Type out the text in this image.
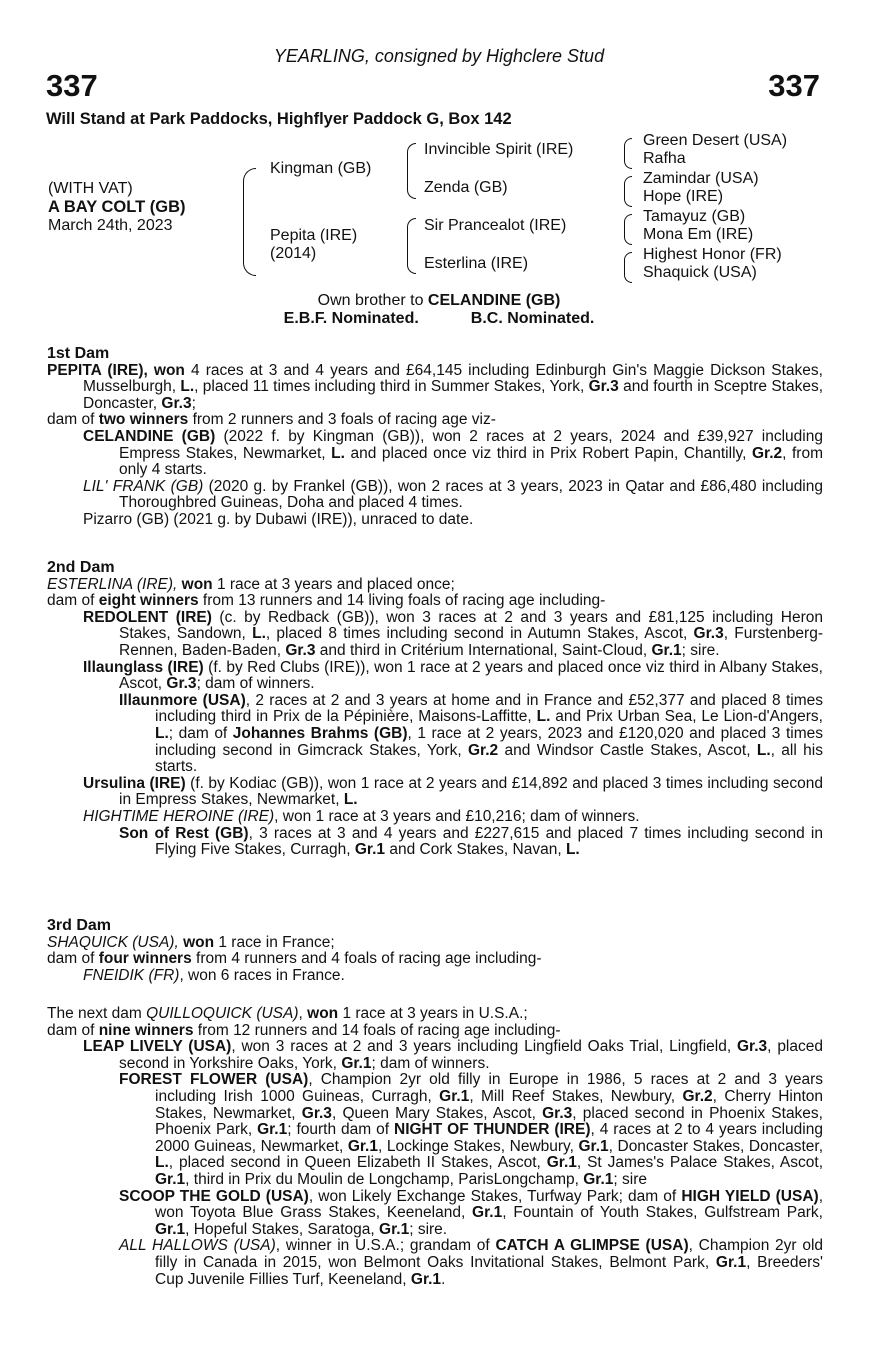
YEARLING, consigned by Highclere Stud
337	337
Will Stand at Park Paddocks, Highflyer Paddock G, Box 142
(WITH VAT)
A BAY COLT (GB)
March 24th, 2023
Kingman (GB)
Pepita (IRE)
(2014)
Invincible Spirit (IRE)
Zenda (GB)
Sir Prancealot (IRE)
Esterlina (IRE)
Green Desert (USA)
Rafha
Zamindar (USA)
Hope (IRE)
Tamayuz (GB)
Mona Em (IRE)
Highest Honor (FR)
Shaquick (USA)
Own brother to CELANDINE (GB)
E.B.F. Nominated.	B.C. Nominated.
1st Dam
PEPITA (IRE), won 4 races at 3 and 4 years and £64,145 including Edinburgh Gin's Maggie Dickson Stakes, Musselburgh, L., placed 11 times including third in Summer Stakes, York, Gr.3 and fourth in Sceptre Stakes, Doncaster, Gr.3;
dam of two winners from 2 runners and 3 foals of racing age viz-
CELANDINE (GB) (2022 f. by Kingman (GB)), won 2 races at 2 years, 2024 and £39,927 including Empress Stakes, Newmarket, L. and placed once viz third in Prix Robert Papin, Chantilly, Gr.2, from only 4 starts.
LIL' FRANK (GB) (2020 g. by Frankel (GB)), won 2 races at 3 years, 2023 in Qatar and £86,480 including Thoroughbred Guineas, Doha and placed 4 times.
Pizarro (GB) (2021 g. by Dubawi (IRE)), unraced to date.
2nd Dam
ESTERLINA (IRE), won 1 race at 3 years and placed once;
dam of eight winners from 13 runners and 14 living foals of racing age including-
REDOLENT (IRE) (c. by Redback (GB)), won 3 races at 2 and 3 years and £81,125 including Heron Stakes, Sandown, L., placed 8 times including second in Autumn Stakes, Ascot, Gr.3, Furstenberg-Rennen, Baden-Baden, Gr.3 and third in Critérium International, Saint-Cloud, Gr.1; sire.
Illaunglass (IRE) (f. by Red Clubs (IRE)), won 1 race at 2 years and placed once viz third in Albany Stakes, Ascot, Gr.3; dam of winners.
Illaunmore (USA), 2 races at 2 and 3 years at home and in France and £52,377 and placed 8 times including third in Prix de la Pépinière, Maisons-Laffitte, L. and Prix Urban Sea, Le Lion-d'Angers, L.; dam of Johannes Brahms (GB), 1 race at 2 years, 2023 and £120,020 and placed 3 times including second in Gimcrack Stakes, York, Gr.2 and Windsor Castle Stakes, Ascot, L., all his starts.
Ursulina (IRE) (f. by Kodiac (GB)), won 1 race at 2 years and £14,892 and placed 3 times including second in Empress Stakes, Newmarket, L.
HIGHTIME HEROINE (IRE), won 1 race at 3 years and £10,216; dam of winners.
Son of Rest (GB), 3 races at 3 and 4 years and £227,615 and placed 7 times including second in Flying Five Stakes, Curragh, Gr.1 and Cork Stakes, Navan, L.
3rd Dam
SHAQUICK (USA), won 1 race in France;
dam of four winners from 4 runners and 4 foals of racing age including-
FNEIDIK (FR), won 6 races in France.
The next dam QUILLOQUICK (USA), won 1 race at 3 years in U.S.A.;
dam of nine winners from 12 runners and 14 foals of racing age including-
LEAP LIVELY (USA), won 3 races at 2 and 3 years including Lingfield Oaks Trial, Lingfield, Gr.3, placed second in Yorkshire Oaks, York, Gr.1; dam of winners.
FOREST FLOWER (USA), Champion 2yr old filly in Europe in 1986, 5 races at 2 and 3 years including Irish 1000 Guineas, Curragh, Gr.1, Mill Reef Stakes, Newbury, Gr.2, Cherry Hinton Stakes, Newmarket, Gr.3, Queen Mary Stakes, Ascot, Gr.3, placed second in Phoenix Stakes, Phoenix Park, Gr.1; fourth dam of NIGHT OF THUNDER (IRE), 4 races at 2 to 4 years including 2000 Guineas, Newmarket, Gr.1, Lockinge Stakes, Newbury, Gr.1, Doncaster Stakes, Doncaster, L., placed second in Queen Elizabeth II Stakes, Ascot, Gr.1, St James's Palace Stakes, Ascot, Gr.1, third in Prix du Moulin de Longchamp, ParisLongchamp, Gr.1; sire
SCOOP THE GOLD (USA), won Likely Exchange Stakes, Turfway Park; dam of HIGH YIELD (USA), won Toyota Blue Grass Stakes, Keeneland, Gr.1, Fountain of Youth Stakes, Gulfstream Park, Gr.1, Hopeful Stakes, Saratoga, Gr.1; sire.
ALL HALLOWS (USA), winner in U.S.A.; grandam of CATCH A GLIMPSE (USA), Champion 2yr old filly in Canada in 2015, won Belmont Oaks Invitational Stakes, Belmont Park, Gr.1, Breeders' Cup Juvenile Fillies Turf, Keeneland, Gr.1.
